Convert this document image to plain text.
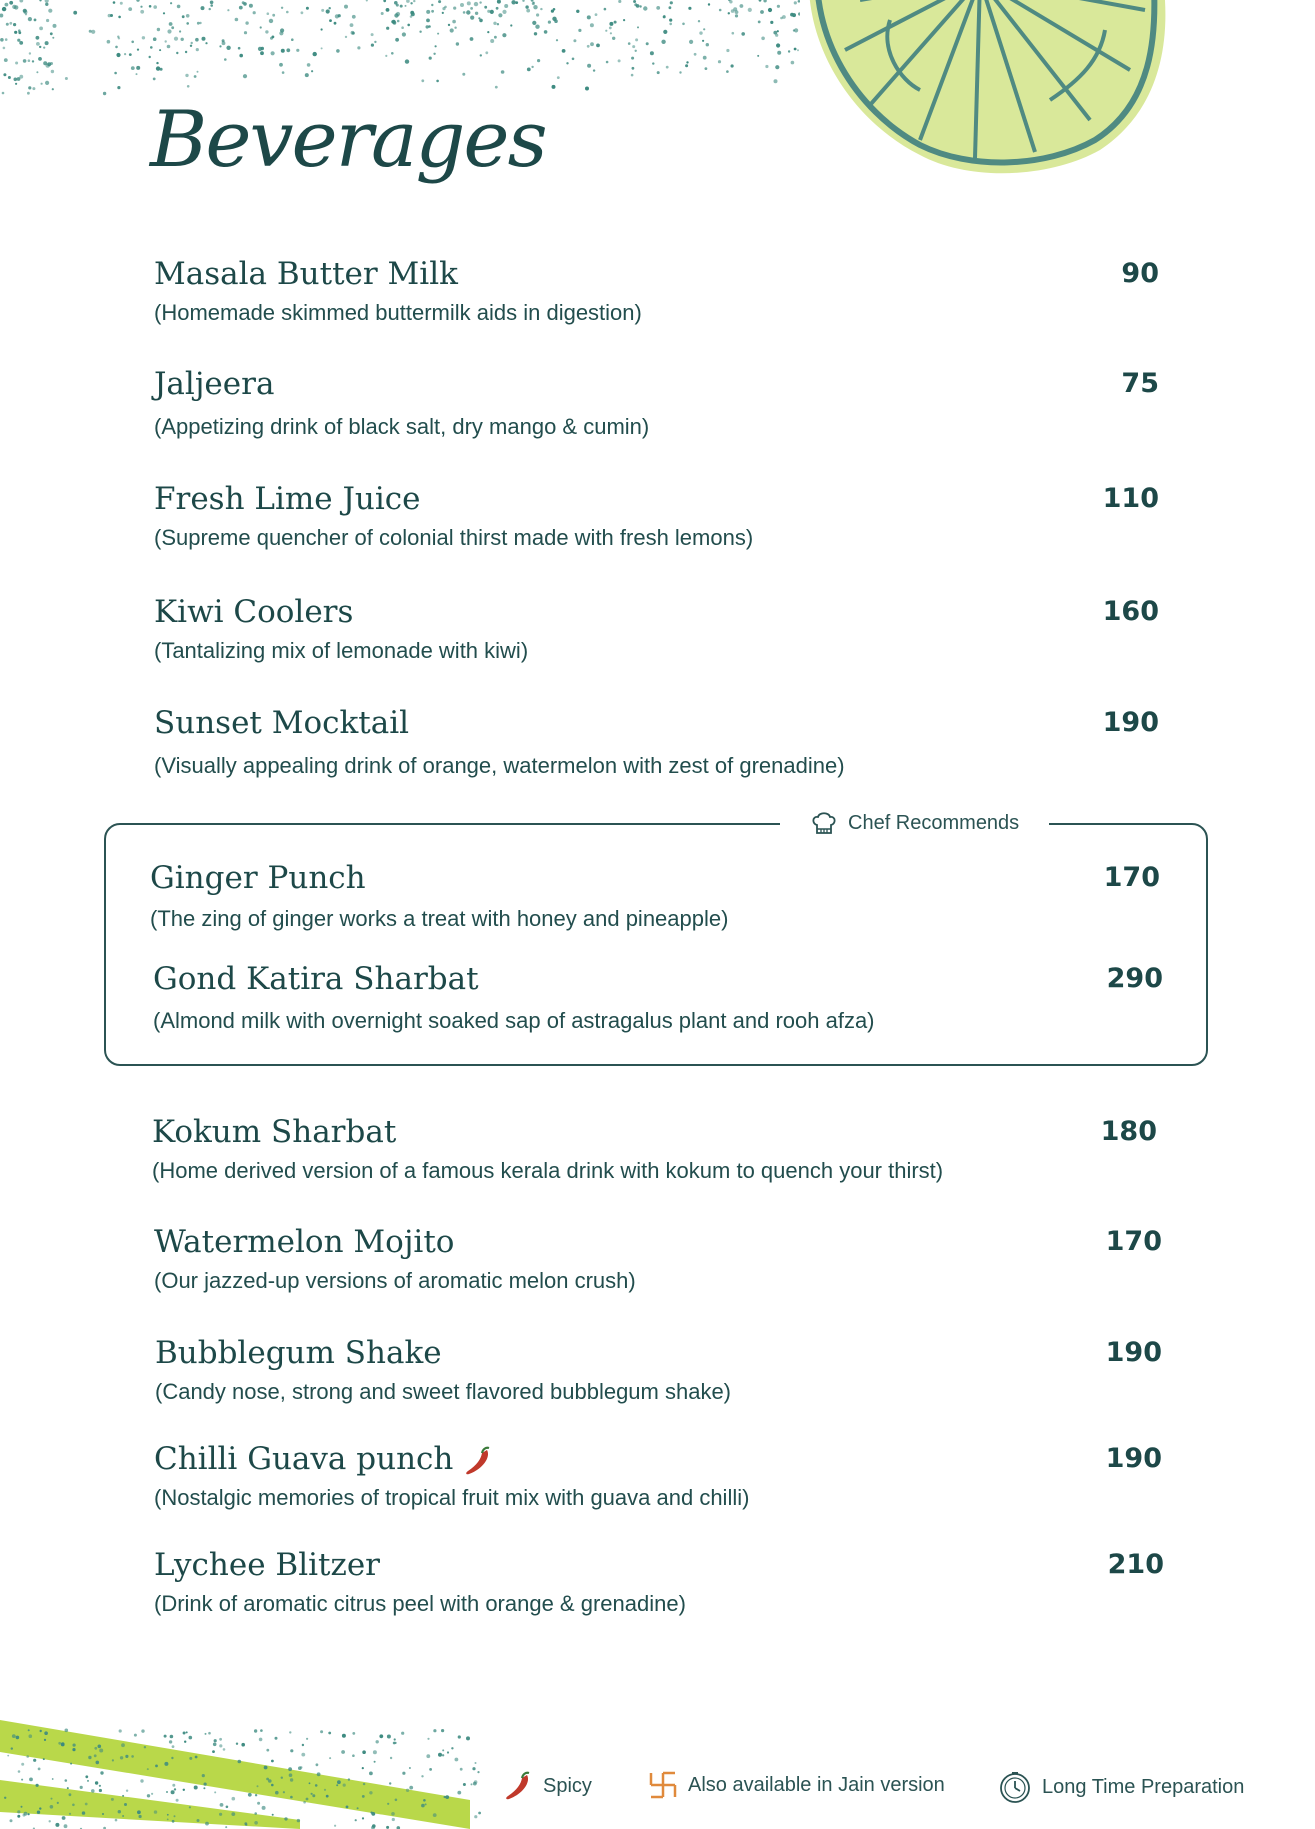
Beverages
Masala Butter Milk
(Homemade skimmed buttermilk aids in digestion)
90
Jaljeera
(Appetizing drink of black salt, dry mango & cumin)
75
Fresh Lime Juice
(Supreme quencher of colonial thirst made with fresh lemons)
110
Kiwi Coolers
(Tantalizing mix of lemonade with kiwi)
160
Sunset Mocktail
(Visually appealing drink of orange, watermelon with zest of grenadine)
190
Chef Recommends
Ginger Punch
(The zing of ginger works a treat with honey and pineapple)
170
Gond Katira Sharbat
(Almond milk with overnight soaked sap of astragalus plant and rooh afza)
290
Kokum Sharbat
(Home derived version of a famous kerala drink with kokum to quench your thirst)
180
Watermelon Mojito
(Our jazzed-up versions of aromatic melon crush)
170
Bubblegum Shake
(Candy nose, strong and sweet flavored bubblegum shake)
190
Chilli Guava punch
(Nostalgic memories of tropical fruit mix with guava and chilli)
190
Lychee Blitzer
(Drink of aromatic citrus peel with orange & grenadine)
210
Spicy	Also available in Jain version	Long Time Preparation
